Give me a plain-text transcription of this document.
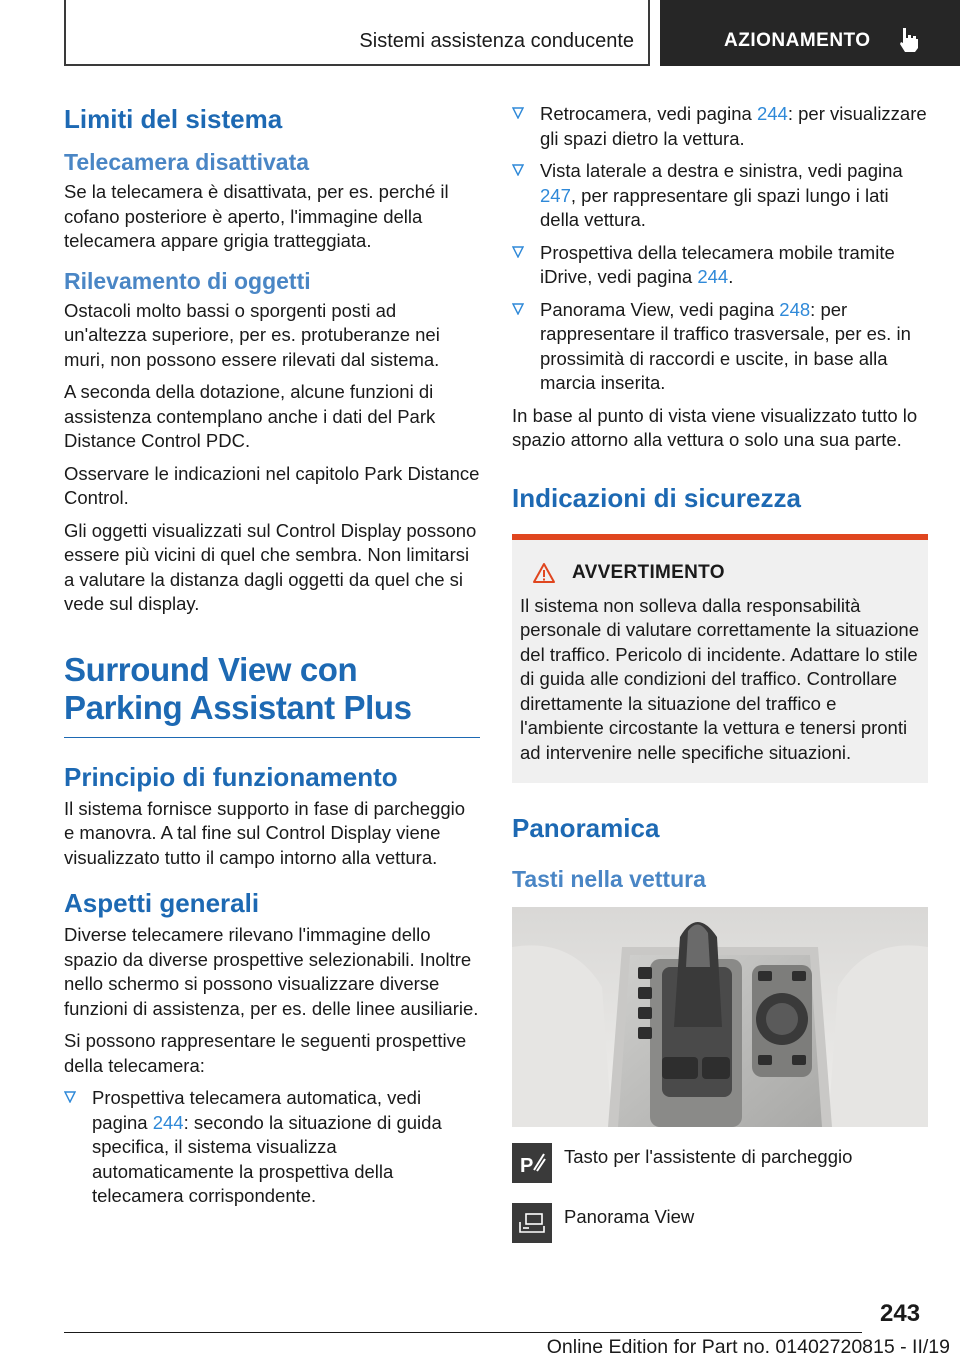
Sistemi assistenza conducente	AZIONAMENTO
Limiti del sistema
Telecamera disattivata

Se la telecamera è disattivata, per es. perché il cofano posteriore è aperto, l'immagine della telecamera appare grigia tratteggiata.

Rilevamento di oggetti

Ostacoli molto bassi o sporgenti posti ad un'altezza superiore, per es. protuberanze nei muri, non possono essere rilevati dal sistema.

A seconda della dotazione, alcune funzioni di assistenza contemplano anche i dati del Park Distance Control PDC.

Osservare le indicazioni nel capitolo Park Distance Control.

Gli oggetti visualizzati sul Control Display possono essere più vicini di quel che sembra. Non limitarsi a valutare la distanza dagli oggetti da quel che si vede sul display.

Surround View con Parking Assistant Plus
Principio di funzionamento

Il sistema fornisce supporto in fase di parcheggio e manovra. A tal fine sul Control Display viene visualizzato tutto il campo intorno alla vettura.

Aspetti generali

Diverse telecamere rilevano l'immagine dello spazio da diverse prospettive selezionabili. Inoltre nello schermo si possono visualizzare diverse funzioni di assistenza, per es. delle linee ausiliarie.

Si possono rappresentare le seguenti prospettive della telecamera:

Prospettiva telecamera automatica, vedi pagina 244: secondo la situazione di guida specifica, il sistema visualizza automaticamente la prospettiva della telecamera corrispondente.
Retrocamera, vedi pagina 244: per visualizzare gli spazi dietro la vettura.
Vista laterale a destra e sinistra, vedi pagina 247, per rappresentare gli spazi lungo i lati della vettura.
Prospettiva della telecamera mobile tramite iDrive, vedi pagina 244.
Panorama View, vedi pagina 248: per rappresentare il traffico trasversale, per es. in prossimità di raccordi e uscite, in base alla marcia inserita.

In base al punto di vista viene visualizzato tutto lo spazio attorno alla vettura o solo una sua parte.

Indicazioni di sicurezza
AVVERTIMENTO

Il sistema non solleva dalla responsabilità personale di valutare correttamente la situazione del traffico. Pericolo di incidente. Adattare lo stile di guida alle condizioni del traffico. Controllare direttamente la situazione del traffico e l'ambiente circostante la vettura e tenersi pronti ad intervenire nelle specifiche situazioni.

Panoramica
Tasti nella vettura
P Tasto per l'assistente di parcheggio
Panorama View
243
Online Edition for Part no. 01402720815 - II/19
